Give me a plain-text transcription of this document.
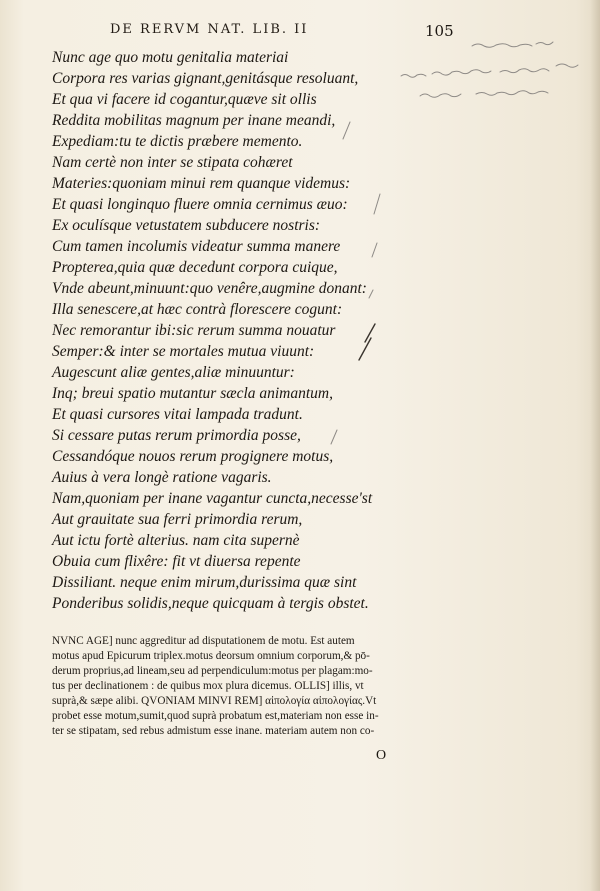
DE RERVM NAT. LIB. II	105
Nunc age quo motu genitalia materiai
Corpora res varias gignant,genitásque resoluant,
Et qua vi facere id cogantur,quæve sit ollis
Reddita mobilitas magnum per inane meandi,
Expediam:tu te dictis præbere memento.
Nam certè non inter se stipata cohæret
Materies:quoniam minui rem quanque videmus:
Et quasi longinquo fluere omnia cernimus æuo:
Ex oculísque vetustatem subducere nostris:
Cum tamen incolumis videatur summa manere
Propterea,quia quæ decedunt corpora cuique,
Vnde abeunt,minuunt:quo venêre,augmine donant:
Illa senescere,at hæc contrà florescere cogunt:
Nec remorantur ibi:sic rerum summa nouatur
Semper:& inter se mortales mutua viuunt:
Augescunt aliæ gentes,aliæ minuuntur:
Inq; breui spatio mutantur sæcla animantum,
Et quasi cursores vitai lampada tradunt.
Si cessare putas rerum primordia posse,
Cessandóque nouos rerum progignere motus,
Auius à vera longè ratione vagaris.
Nam,quoniam per inane vagantur cuncta,necesse'st
Aut grauitate sua ferri primordia rerum,
Aut ictu fortè alterius. nam cita supernè
Obuia cum flixêre: fit vt diuersa repente
Dissiliant. neque enim mirum,durissima quæ sint
Ponderibus solidis,neque quicquam à tergis obstet.
NVNC AGE] nunc aggreditur ad disputationem de motu. Est autem
motus apud Epicurum triplex.motus deorsum omnium corporum,& pō-
derum proprius,ad lineam,seu ad perpendiculum:motus per plagam:mo-
tus per declinationem : de quibus mox plura dicemus. OLLIS] illis, vt
suprà,& sæpe alibi. QVONIAM MINVI REM] αἰπολογία αἰπολογίας.Vt
probet esse motum,sumit,quod suprà probatum est,materiam non esse in-
ter se stipatam, sed rebus admistum esse inane. materiam autem non co-
O
